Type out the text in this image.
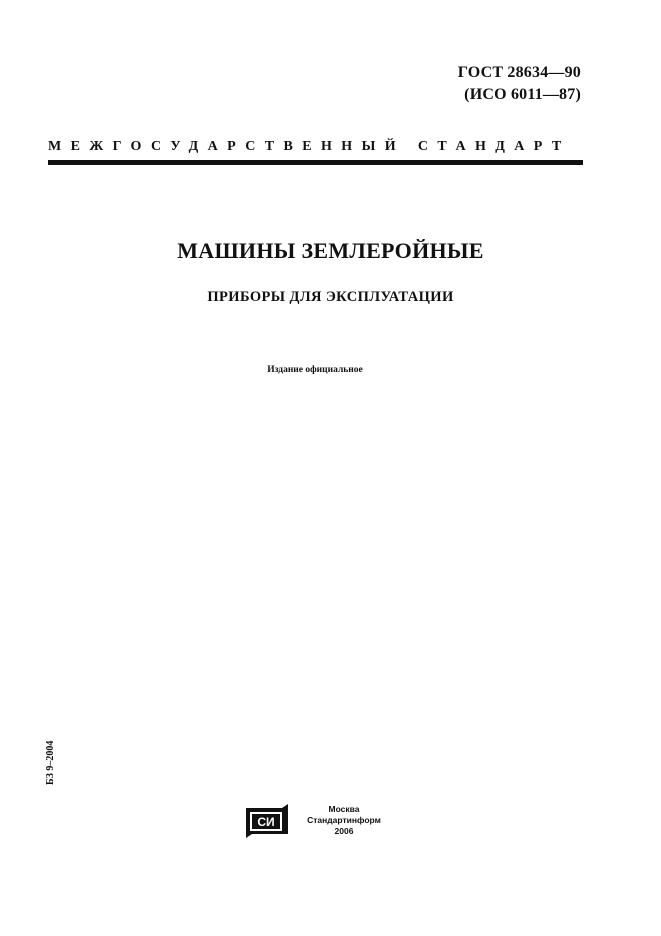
ГОСТ 28634—90
(ИСО 6011—87)
МЕЖГОСУДАРСТВЕННЫЙ СТАНДАРТ
МАШИНЫ ЗЕМЛЕРОЙНЫЕ
ПРИБОРЫ ДЛЯ ЭКСПЛУАТАЦИИ
Издание официальное
БЗ 9–2004
СИ
Москва
Стандартинформ
2006
